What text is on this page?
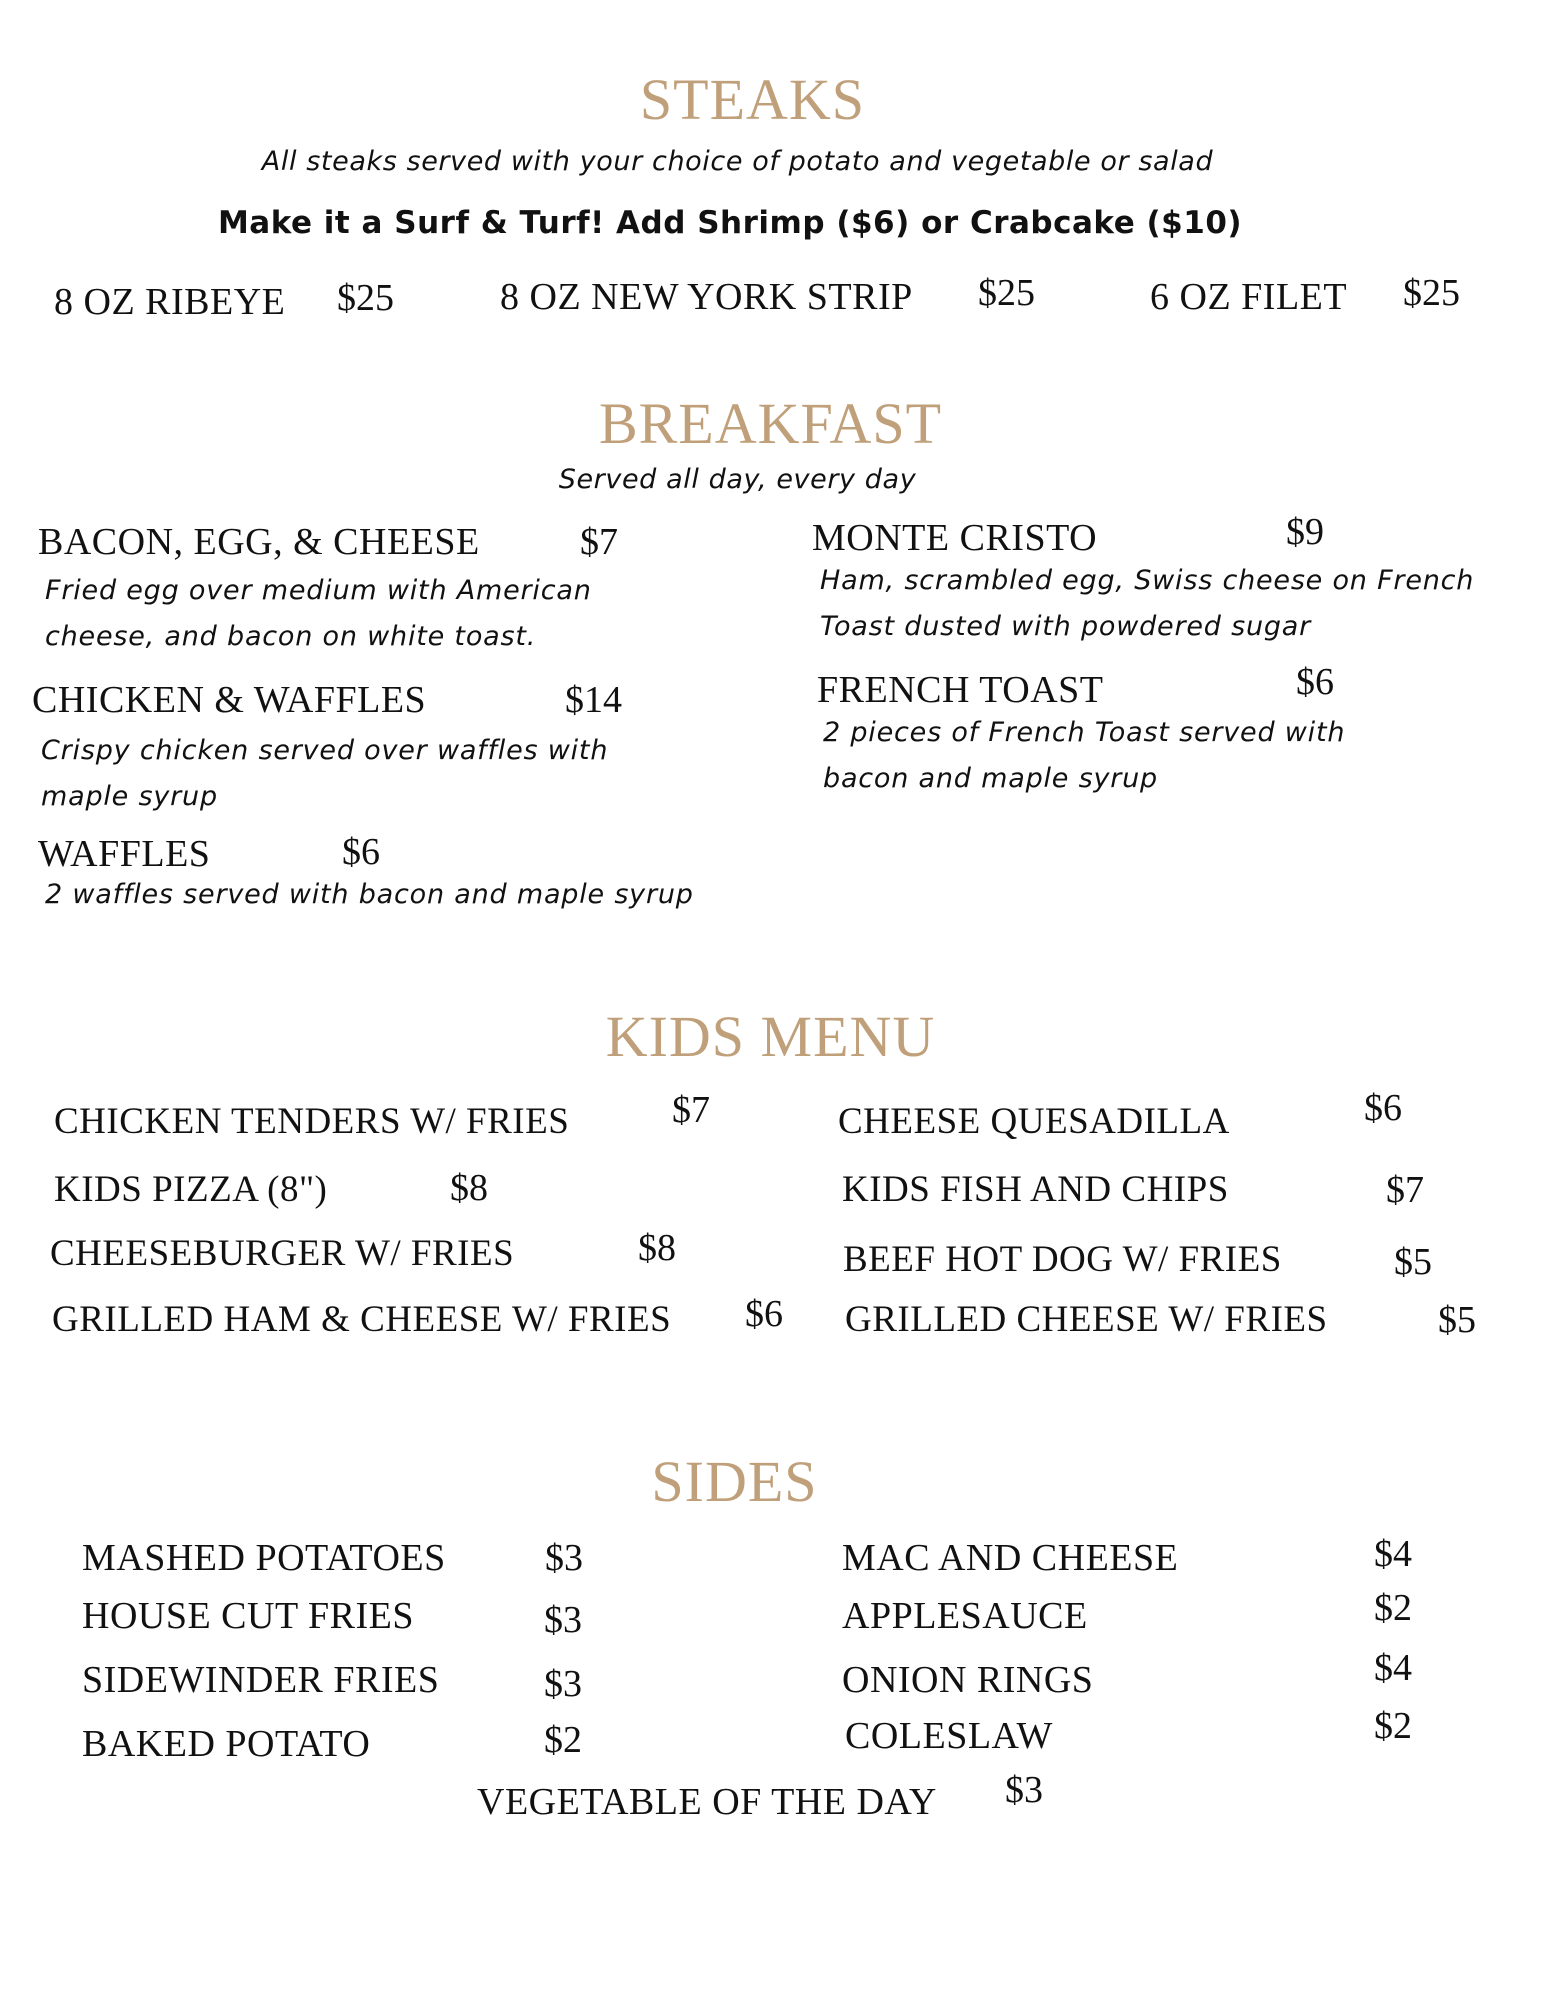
STEAKS
All steaks served with your choice of potato and vegetable or salad
Make it a Surf & Turf! Add Shrimp ($6) or Crabcake ($10)
8 OZ RIBEYE $25	8 OZ NEW YORK STRIP $25	6 OZ FILET $25
BREAKFAST
Served all day, every day
BACON, EGG, & CHEESE	$7
Fried egg over medium with American cheese, and bacon on white toast.
CHICKEN & WAFFLES	$14
Crispy chicken served over waffles with maple syrup
WAFFLES	$6
2 waffles served with bacon and maple syrup
MONTE CRISTO	$9
Ham, scrambled egg, Swiss cheese on French Toast dusted with powdered sugar
FRENCH TOAST	$6
2 pieces of French Toast served with bacon and maple syrup
KIDS MENU
CHICKEN TENDERS W/ FRIES	$7
KIDS PIZZA (8")	$8
CHEESEBURGER W/ FRIES	$8
GRILLED HAM & CHEESE W/ FRIES $6
CHEESE QUESADILLA	$6
KIDS FISH AND CHIPS	$7
BEEF HOT DOG W/ FRIES	$5
GRILLED CHEESE W/ FRIES	$5
SIDES
MASHED POTATOES	$3
HOUSE CUT FRIES	$3
SIDEWINDER FRIES	$3
BAKED POTATO	$2
MAC AND CHEESE	$4
APPLESAUCE	$2
ONION RINGS	$4
COLESLAW	$2
VEGETABLE OF THE DAY $3
